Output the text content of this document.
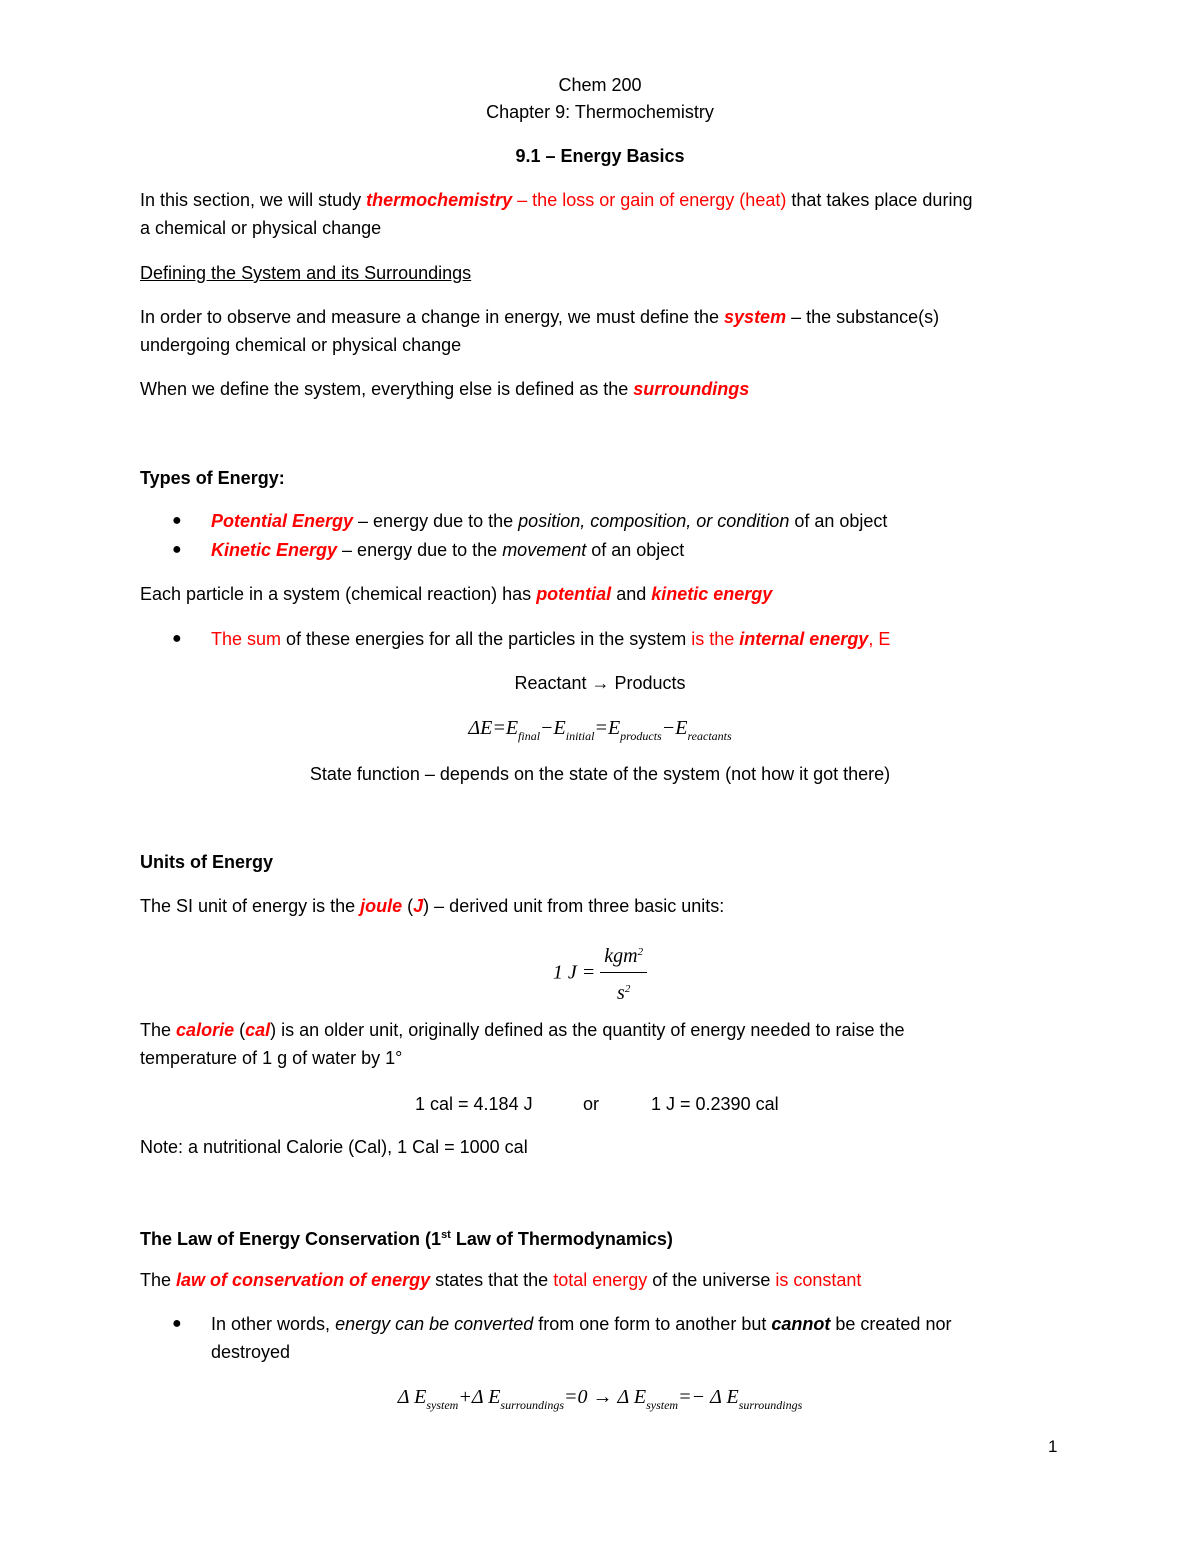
Chem 200
Chapter 9: Thermochemistry
9.1 – Energy Basics
In this section, we will study thermochemistry – the loss or gain of energy (heat) that takes place during
a chemical or physical change
Defining the System and its Surroundings
In order to observe and measure a change in energy, we must define the system – the substance(s)
undergoing chemical or physical change
When we define the system, everything else is defined as the surroundings
Types of Energy:
● Potential Energy – energy due to the position, composition, or condition of an object
● Kinetic Energy – energy due to the movement of an object
Each particle in a system (chemical reaction) has potential and kinetic energy
● The sum of these energies for all the particles in the system is the internal energy, E
Reactant → Products
$\Delta E=E_{final}-E_{initial}=E_{products}-E_{reactants}$
State function – depends on the state of the system (not how it got there)
Units of Energy
The SI unit of energy is the joule (J) – derived unit from three basic units:
1 $J = \frac{kgm^2}{s^2}$
The calorie (cal) is an older unit, originally defined as the quantity of energy needed to raise the
temperature of 1 g of water by 1°
1 cal = 4.184 J	or	1 J = 0.2390 cal
Note: a nutritional Calorie (Cal), 1 Cal = 1000 cal
The Law of Energy Conservation (1st Law of Thermodynamics)
The law of conservation of energy states that the total energy of the universe is constant
● In other words, energy can be converted from one form to another but cannot be created nor
destroyed
Δ $E_{system}+\Delta$ $E_{surroundings}=0 \to \Delta$ $E_{system}=- \Delta$ $E_{surroundings}$
1
